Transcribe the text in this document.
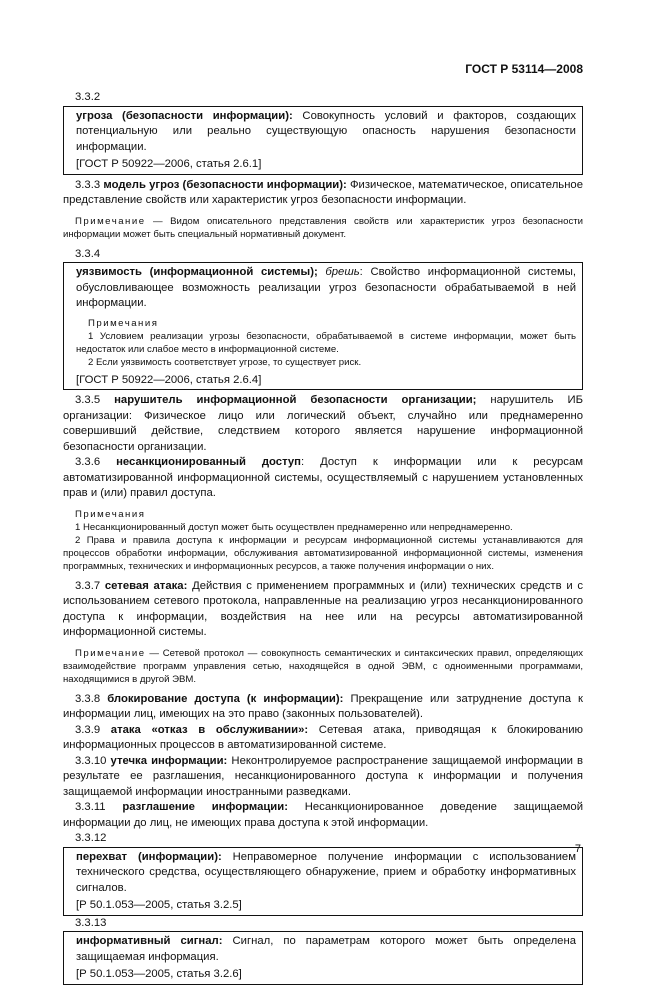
ГОСТ Р 53114—2008

3.3.2

угроза (безопасности информации): Совокупность условий и факторов, создающих потенциальную или реально существующую опасность нарушения безопасности информации.

[ГОСТ Р 50922—2006, статья 2.6.1]

3.3.3 модель угроз (безопасности информации): Физическое, математическое, описательное представление свойств или характеристик угроз безопасности информации.

Примечание — Видом описательного представления свойств или характеристик угроз безопасности информации может быть специальный нормативный документ.

3.3.4

уязвимость (информационной системы); брешь: Свойство информационной системы, обусловливающее возможность реализации угроз безопасности обрабатываемой в ней информации.

Примечания

1 Условием реализации угрозы безопасности, обрабатываемой в системе информации, может быть недостаток или слабое место в информационной системе.

2 Если уязвимость соответствует угрозе, то существует риск.

[ГОСТ Р 50922—2006, статья 2.6.4]

3.3.5 нарушитель информационной безопасности организации; нарушитель ИБ организации: Физическое лицо или логический объект, случайно или преднамеренно совершивший действие, следствием которого является нарушение информационной безопасности организации.

3.3.6 несанкционированный доступ: Доступ к информации или к ресурсам автоматизированной информационной системы, осуществляемый с нарушением установленных прав и (или) правил доступа.

Примечания

1 Несанкционированный доступ может быть осуществлен преднамеренно или непреднамеренно.

2 Права и правила доступа к информации и ресурсам информационной системы устанавливаются для процессов обработки информации, обслуживания автоматизированной информационной системы, изменения программных, технических и информационных ресурсов, а также получения информации о них.

3.3.7 сетевая атака: Действия с применением программных и (или) технических средств и с использованием сетевого протокола, направленные на реализацию угроз несанкционированного доступа к информации, воздействия на нее или на ресурсы автоматизированной информационной системы.

Примечание — Сетевой протокол — совокупность семантических и синтаксических правил, определяющих взаимодействие программ управления сетью, находящейся в одной ЭВМ, с одноименными программами, находящимися в другой ЭВМ.

3.3.8 блокирование доступа (к информации): Прекращение или затруднение доступа к информации лиц, имеющих на это право (законных пользователей).

3.3.9 атака «отказ в обслуживании»: Сетевая атака, приводящая к блокированию информационных процессов в автоматизированной системе.

3.3.10 утечка информации: Неконтролируемое распространение защищаемой информации в результате ее разглашения, несанкционированного доступа к информации и получения защищаемой информации иностранными разведками.

3.3.11 разглашение информации: Несанкционированное доведение защищаемой информации до лиц, не имеющих права доступа к этой информации.

3.3.12

перехват (информации): Неправомерное получение информации с использованием технического средства, осуществляющего обнаружение, прием и обработку информативных сигналов.

[Р 50.1.053—2005, статья 3.2.5]

3.3.13

информативный сигнал: Сигнал, по параметрам которого может быть определена защищаемая информация.

[Р 50.1.053—2005, статья 3.2.6]

7
